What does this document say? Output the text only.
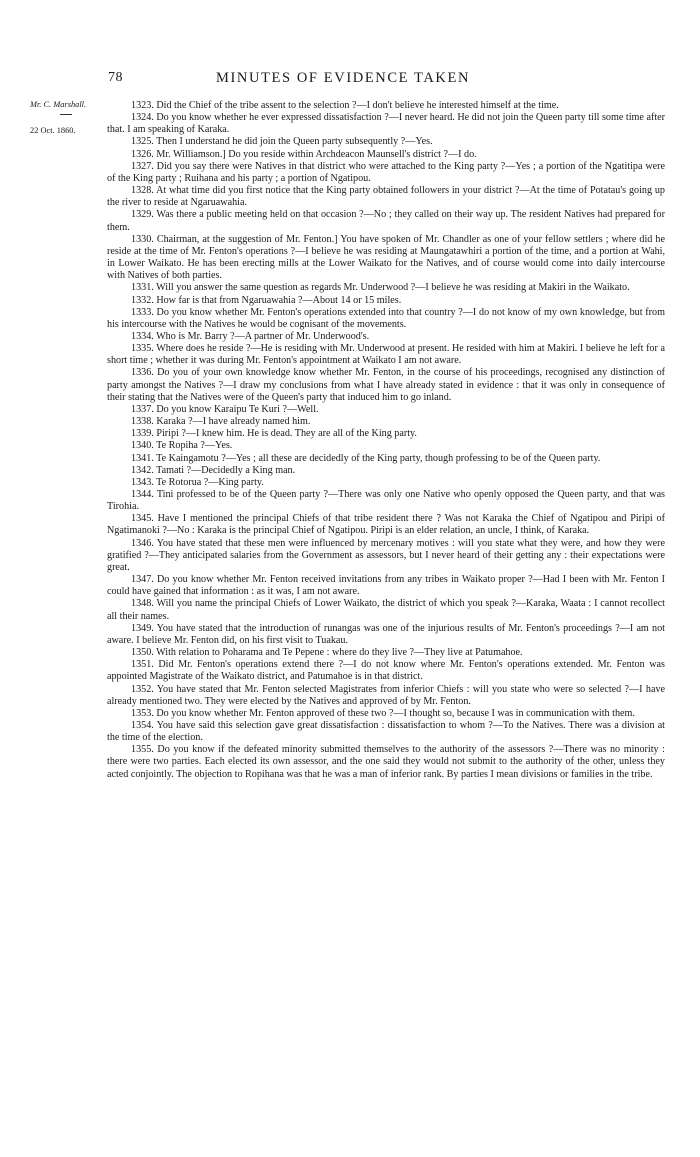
78	MINUTES OF EVIDENCE TAKEN
Mr. C. Marshall.
22 Oct. 1860.

1323. Did the Chief of the tribe assent to the selection ?—I don't believe he interested himself at the time.

1324. Do you know whether he ever expressed dissatisfaction ?—I never heard. He did not join the Queen party till some time after that. I am speaking of Karaka.

1325. Then I understand he did join the Queen party subsequently ?—Yes.

1326. Mr. Williamson.] Do you reside within Archdeacon Maunsell's district ?—I do.

1327. Did you say there were Natives in that district who were attached to the King party ?—Yes ; a portion of the Ngatitipa were of the King party ; Ruihana and his party ; a portion of Ngatipou.

1328. At what time did you first notice that the King party obtained followers in your district ?—At the time of Potatau's going up the river to reside at Ngaruawahia.

1329. Was there a public meeting held on that occasion ?—No ; they called on their way up. The resident Natives had prepared for them.

1330. Chairman, at the suggestion of Mr. Fenton.] You have spoken of Mr. Chandler as one of your fellow settlers ; where did he reside at the time of Mr. Fenton's operations ?—I believe he was residing at Maungatawhiri a portion of the time, and a portion at Wahi, in Lower Waikato. He has been erecting mills at the Lower Waikato for the Natives, and of course would come into daily intercourse with Natives of both parties.

1331. Will you answer the same question as regards Mr. Underwood ?—I believe he was residing at Makiri in the Waikato.

1332. How far is that from Ngaruawahia ?—About 14 or 15 miles.

1333. Do you know whether Mr. Fenton's operations extended into that country ?—I do not know of my own knowledge, but from his intercourse with the Natives he would be cognisant of the movements.

1334. Who is Mr. Barry ?—A partner of Mr. Underwood's.

1335. Where does he reside ?—He is residing with Mr. Underwood at present. He resided with him at Makiri. I believe he left for a short time ; whether it was during Mr. Fenton's appointment at Waikato I am not aware.

1336. Do you of your own knowledge know whether Mr. Fenton, in the course of his proceedings, recognised any distinction of party amongst the Natives ?—I draw my conclusions from what I have already stated in evidence : that it was only in consequence of their stating that the Natives were of the Queen's party that induced him to go inland.

1337. Do you know Karaipu Te Kuri ?—Well.

1338. Karaka ?—I have already named him.

1339. Piripi ?—I knew him. He is dead. They are all of the King party.

1340. Te Ropiha ?—Yes.

1341. Te Kaingamotu ?—Yes ; all these are decidedly of the King party, though professing to be of the Queen party.

1342. Tamati ?—Decidedly a King man.

1343. Te Rotorua ?—King party.

1344. Tini professed to be of the Queen party ?—There was only one Native who openly opposed the Queen party, and that was Tirohia.

1345. Have I mentioned the principal Chiefs of that tribe resident there ? Was not Karaka the Chief of Ngatipou and Piripi of Ngatimanoki ?—No : Karaka is the principal Chief of Ngatipou. Piripi is an elder relation, an uncle, I think, of Karaka.

1346. You have stated that these men were influenced by mercenary motives : will you state what they were, and how they were gratified ?—They anticipated salaries from the Government as assessors, but I never heard of their getting any : their expectations were great.

1347. Do you know whether Mr. Fenton received invitations from any tribes in Waikato proper ?—Had I been with Mr. Fenton I could have gained that information : as it was, I am not aware.

1348. Will you name the principal Chiefs of Lower Waikato, the district of which you speak ?—Karaka, Waata : I cannot recollect all their names.

1349. You have stated that the introduction of runangas was one of the injurious results of Mr. Fenton's proceedings ?—I am not aware. I believe Mr. Fenton did, on his first visit to Tuakau.

1350. With relation to Poharama and Te Pepene : where do they live ?—They live at Patumahoe.

1351. Did Mr. Fenton's operations extend there ?—I do not know where Mr. Fenton's operations extended. Mr. Fenton was appointed Magistrate of the Waikato district, and Patumahoe is in that district.

1352. You have stated that Mr. Fenton selected Magistrates from inferior Chiefs : will you state who were so selected ?—I have already mentioned two. They were elected by the Natives and approved of by Mr. Fenton.

1353. Do you know whether Mr. Fenton approved of these two ?—I thought so, because I was in communication with them.

1354. You have said this selection gave great dissatisfaction : dissatisfaction to whom ?—To the Natives. There was a division at the time of the election.

1355. Do you know if the defeated minority submitted themselves to the authority of the assessors ?—There was no minority : there were two parties. Each elected its own assessor, and the one said they would not submit to the authority of the other, unless they acted conjointly. The objection to Ropihana was that he was a man of inferior rank. By parties I mean divisions or families in the tribe.
